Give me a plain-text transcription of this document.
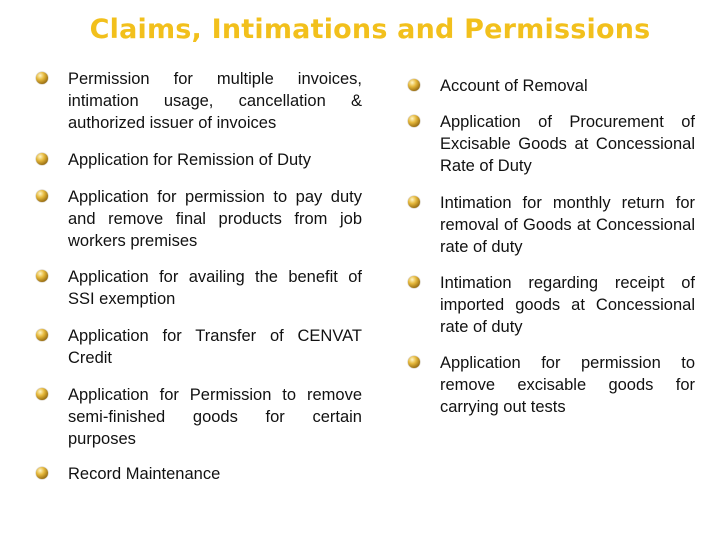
Claims, Intimations and Permissions
Permission for multiple invoices, intimation usage, cancellation & authorized issuer of invoices
Application for Remission of Duty
Application for permission to pay duty and remove final products from job workers premises
Application for availing the benefit of SSI exemption
Application for Transfer of CENVAT Credit
Application for Permission to remove semi-finished goods for certain purposes
Record Maintenance
Account of Removal
Application of Procurement of Excisable Goods at Concessional Rate of Duty
Intimation for monthly return for removal of Goods at Concessional rate of duty
Intimation regarding receipt of imported goods at Concessional rate of duty
Application for permission to remove excisable goods for carrying out tests
